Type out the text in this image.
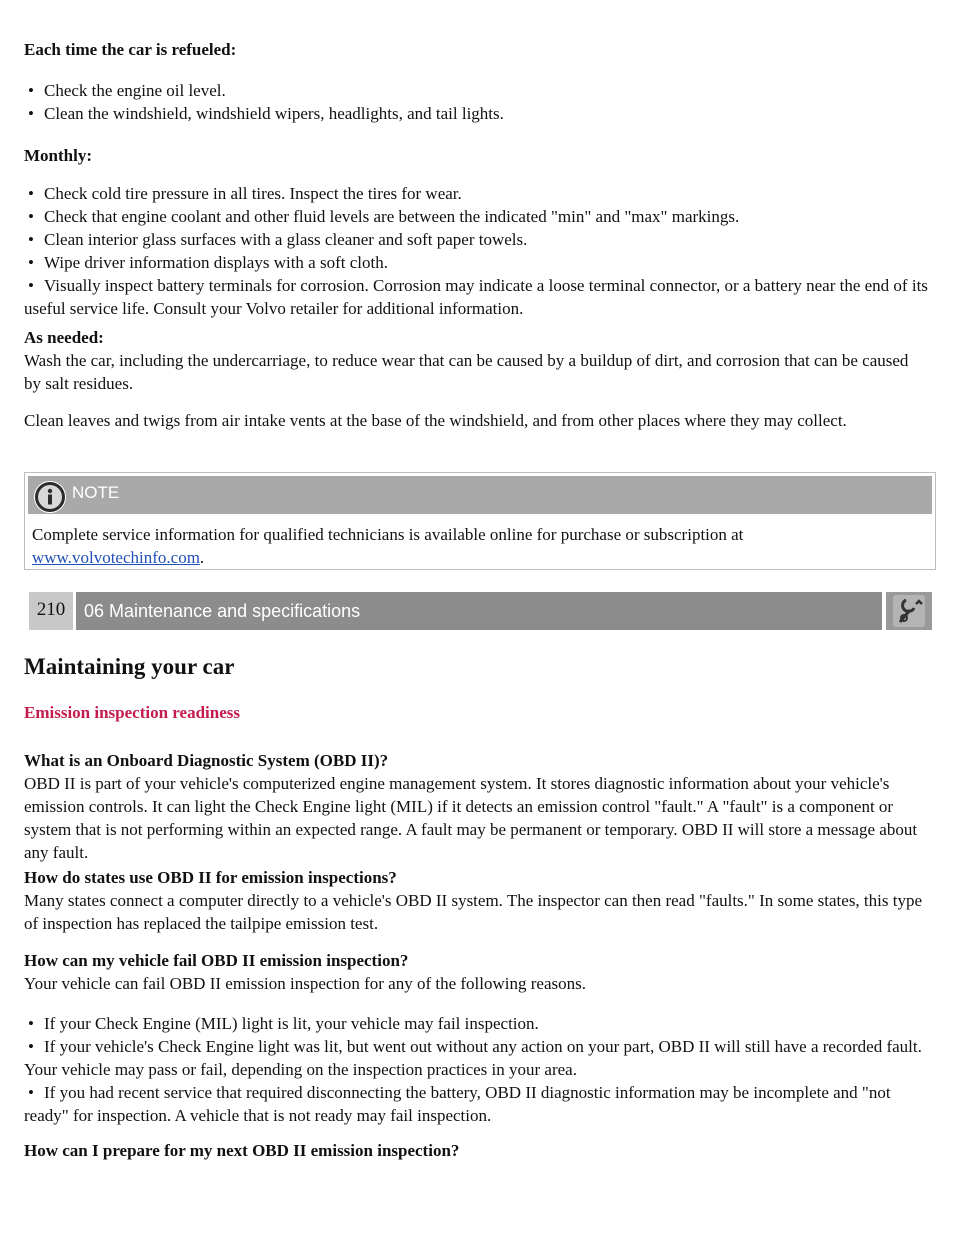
Each time the car is refueled:

• Check the engine oil level.
• Clean the windshield, windshield wipers, headlights, and tail lights.

Monthly:

• Check cold tire pressure in all tires. Inspect the tires for wear.
• Check that engine coolant and other fluid levels are between the indicated "min" and "max" markings.
• Clean interior glass surfaces with a glass cleaner and soft paper towels.
• Wipe driver information displays with a soft cloth.
• Visually inspect battery terminals for corrosion. Corrosion may indicate a loose terminal connector, or a battery near the end of its useful service life. Consult your Volvo retailer for additional information.

As needed:

Wash the car, including the undercarriage, to reduce wear that can be caused by a buildup of dirt, and corrosion that can be caused by salt residues.

Clean leaves and twigs from air intake vents at the base of the windshield, and from other places where they may collect.

NOTE
Complete service information for qualified technicians is available online for purchase or subscription at
www.volvotechinfo.com.
210	06 Maintenance and specifications
Maintaining your car
Emission inspection readiness

What is an Onboard Diagnostic System (OBD II)?

OBD II is part of your vehicle's computerized engine management system. It stores diagnostic information about your vehicle's emission controls. It can light the Check Engine light (MIL) if it detects an emission control "fault." A "fault" is a component or system that is not performing within an expected range. A fault may be permanent or temporary. OBD II will store a message about any fault.

How do states use OBD II for emission inspections?

Many states connect a computer directly to a vehicle's OBD II system. The inspector can then read "faults." In some states, this type of inspection has replaced the tailpipe emission test.

How can my vehicle fail OBD II emission inspection?

Your vehicle can fail OBD II emission inspection for any of the following reasons.

• If your Check Engine (MIL) light is lit, your vehicle may fail inspection.
• If your vehicle's Check Engine light was lit, but went out without any action on your part, OBD II will still have a recorded fault. Your vehicle may pass or fail, depending on the inspection practices in your area.
• If you had recent service that required disconnecting the battery, OBD II diagnostic information may be incomplete and "not ready" for inspection. A vehicle that is not ready may fail inspection.

How can I prepare for my next OBD II emission inspection?
